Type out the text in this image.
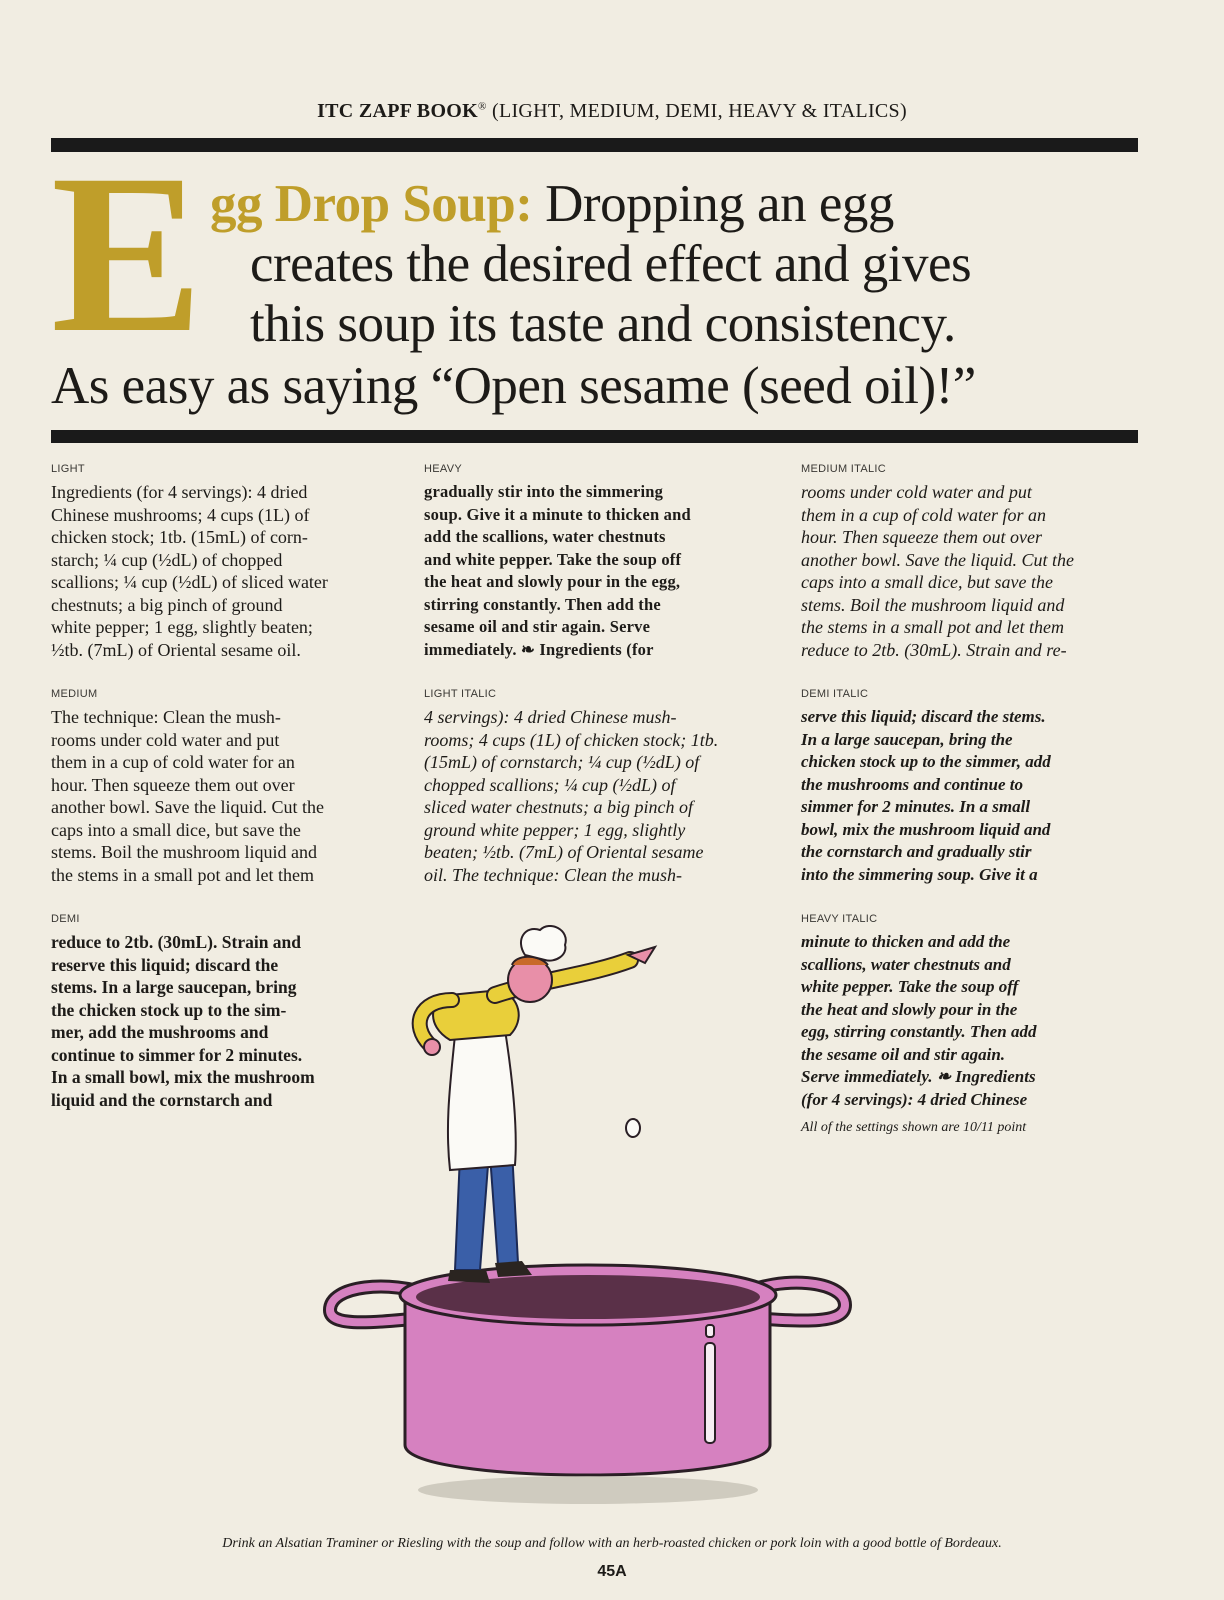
ITC ZAPF BOOK® (LIGHT, MEDIUM, DEMI, HEAVY & ITALICS)
E gg Drop Soup: Dropping an egg
creates the desired effect and gives
this soup its taste and consistency.
As easy as saying “Open sesame (seed oil)!”
LIGHT
Ingredients (for 4 servings): 4 dried
Chinese mushrooms; 4 cups (1L) of
chicken stock; 1tb. (15mL) of corn-
starch; ¼ cup (½dL) of chopped
scallions; ¼ cup (½dL) of sliced water
chestnuts; a big pinch of ground
white pepper; 1 egg, slightly beaten;
½tb. (7mL) of Oriental sesame oil.
MEDIUM
The technique: Clean the mush-
rooms under cold water and put
them in a cup of cold water for an
hour. Then squeeze them out over
another bowl. Save the liquid. Cut the
caps into a small dice, but save the
stems. Boil the mushroom liquid and
the stems in a small pot and let them
DEMI
reduce to 2tb. (30mL). Strain and
reserve this liquid; discard the
stems. In a large saucepan, bring
the chicken stock up to the sim-
mer, add the mushrooms and
continue to simmer for 2 minutes.
In a small bowl, mix the mushroom
liquid and the cornstarch and
HEAVY
gradually stir into the simmering
soup. Give it a minute to thicken and
add the scallions, water chestnuts
and white pepper. Take the soup off
the heat and slowly pour in the egg,
stirring constantly. Then add the
sesame oil and stir again. Serve
immediately. ❧ Ingredients (for
LIGHT ITALIC
4 servings): 4 dried Chinese mush-
rooms; 4 cups (1L) of chicken stock; 1tb.
(15mL) of cornstarch; ¼ cup (½dL) of
chopped scallions; ¼ cup (½dL) of
sliced water chestnuts; a big pinch of
ground white pepper; 1 egg, slightly
beaten; ½tb. (7mL) of Oriental sesame
oil. The technique: Clean the mush-
MEDIUM ITALIC
rooms under cold water and put
them in a cup of cold water for an
hour. Then squeeze them out over
another bowl. Save the liquid. Cut the
caps into a small dice, but save the
stems. Boil the mushroom liquid and
the stems in a small pot and let them
reduce to 2tb. (30mL). Strain and re-
DEMI ITALIC
serve this liquid; discard the stems.
In a large saucepan, bring the
chicken stock up to the simmer, add
the mushrooms and continue to
simmer for 2 minutes. In a small
bowl, mix the mushroom liquid and
the cornstarch and gradually stir
into the simmering soup. Give it a
HEAVY ITALIC
minute to thicken and add the
scallions, water chestnuts and
white pepper. Take the soup off
the heat and slowly pour in the
egg, stirring constantly. Then add
the sesame oil and stir again.
Serve immediately. ❧ Ingredients
(for 4 servings): 4 dried Chinese
All of the settings shown are 10/11 point
Drink an Alsatian Traminer or Riesling with the soup and follow with an herb-roasted chicken or pork loin with a good bottle of Bordeaux.
45A
